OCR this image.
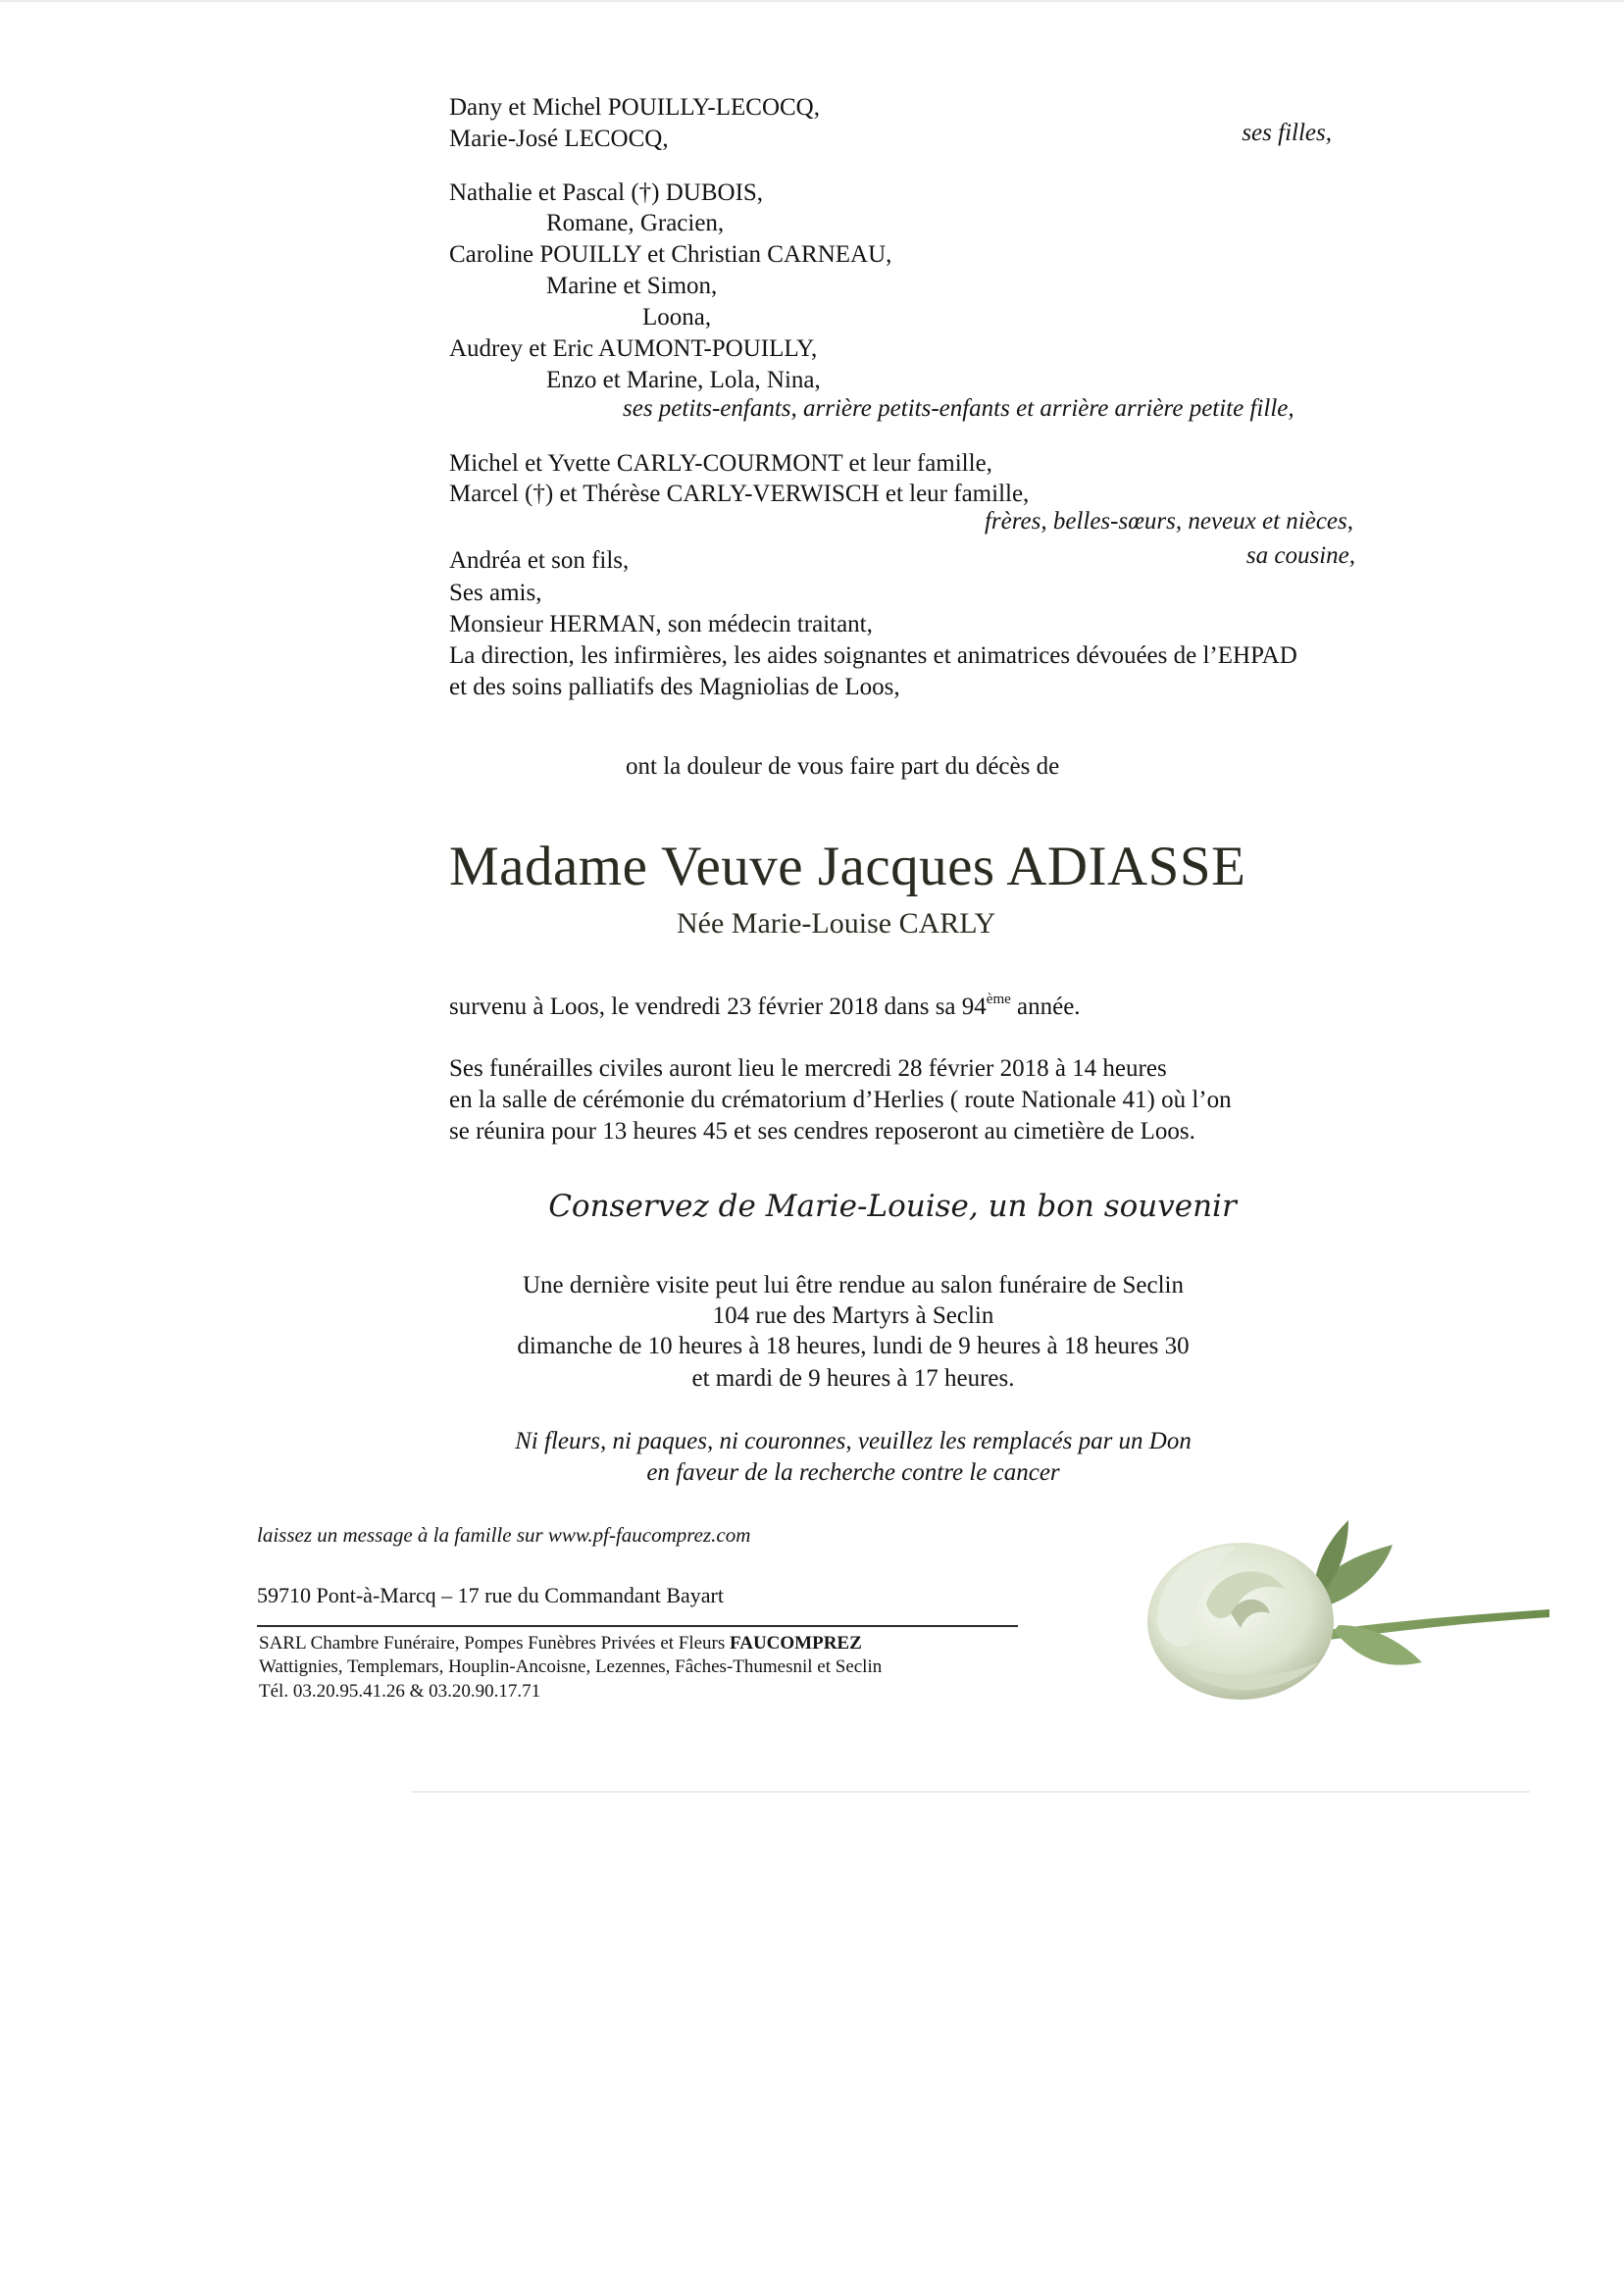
Dany et Michel POUILLY-LECOCQ,
Marie-José LECOCQ,	ses filles,
Nathalie et Pascal (†) DUBOIS,
Romane, Gracien,
Caroline POUILLY et Christian CARNEAU,
Marine et Simon,
Loona,
Audrey et Eric AUMONT-POUILLY,
Enzo et Marine, Lola, Nina,
ses petits-enfants, arrière petits-enfants et arrière arrière petite fille,
Michel et Yvette CARLY-COURMONT et leur famille,
Marcel (†) et Thérèse CARLY-VERWISCH et leur famille,
frères, belles-sœurs, neveux et nièces,
Andréa et son fils,	sa cousine,
Ses amis,
Monsieur HERMAN, son médecin traitant,
La direction, les infirmières, les aides soignantes et animatrices dévouées de l’EHPAD
et des soins palliatifs des Magniolias de Loos,
ont la douleur de vous faire part du décès de
Madame Veuve Jacques ADIASSE
Née Marie-Louise CARLY
survenu à Loos, le vendredi 23 février 2018 dans sa 94ème année.
Ses funérailles civiles auront lieu le mercredi 28 février 2018 à 14 heures
en la salle de cérémonie du crématorium d’Herlies ( route Nationale 41) où l’on
se réunira pour 13 heures 45 et ses cendres reposeront au cimetière de Loos.
Conservez de Marie-Louise, un bon souvenir
Une dernière visite peut lui être rendue au salon funéraire de Seclin
104 rue des Martyrs à Seclin
dimanche de 10 heures à 18 heures, lundi de 9 heures à 18 heures 30
et mardi de 9 heures à 17 heures.
Ni fleurs, ni paques, ni couronnes, veuillez les remplacés par un Don
en faveur de la recherche contre le cancer
laissez un message à la famille sur www.pf-faucomprez.com
59710 Pont-à-Marcq – 17 rue du Commandant Bayart
SARL Chambre Funéraire, Pompes Funèbres Privées et Fleurs FAUCOMPREZ
Wattignies, Templemars, Houplin-Ancoisne, Lezennes, Fâches-Thumesnil et Seclin
Tél. 03.20.95.41.26 & 03.20.90.17.71
